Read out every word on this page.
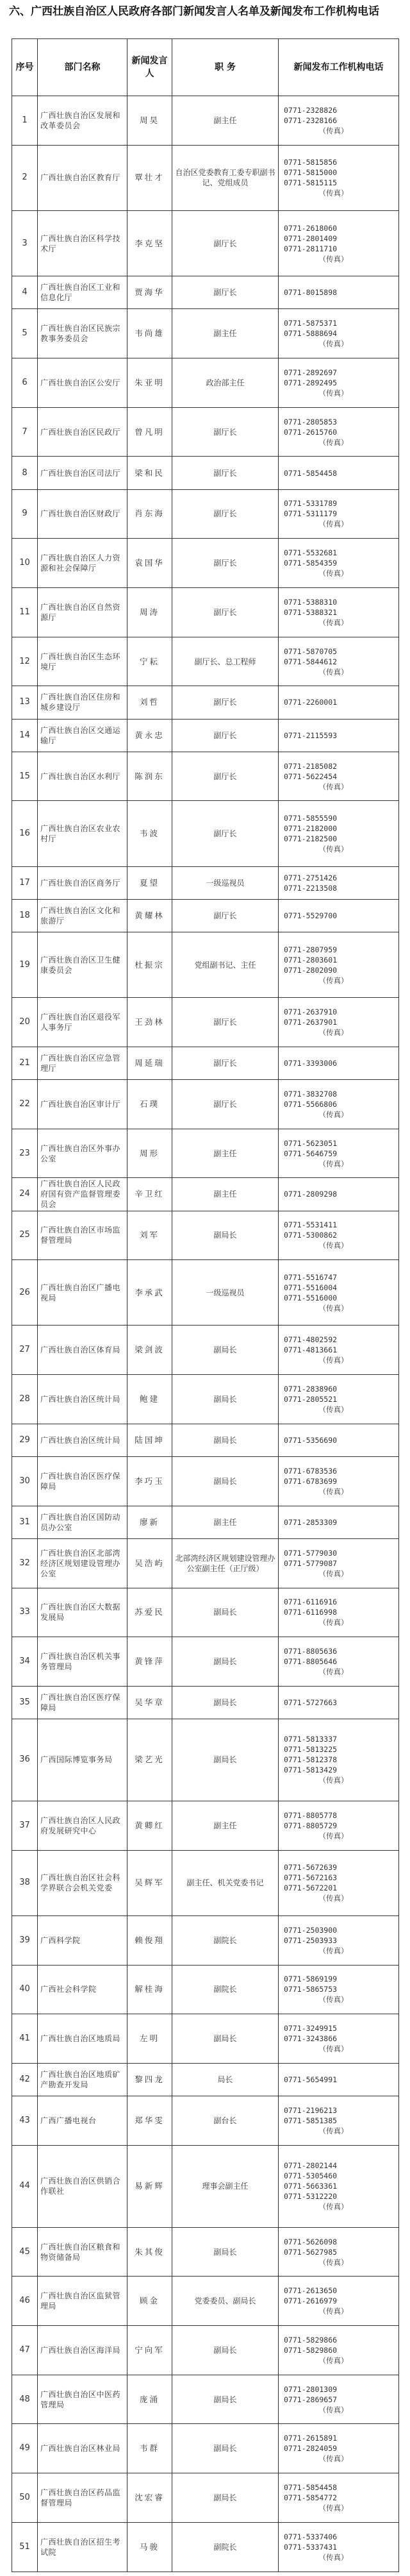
六、广西壮族自治区人民政府各部门新闻发言人名单及新闻发布工作机构电话
序号	部门名称	新闻发言人	职 务	新闻发布工作机构电话
1	广西壮族自治区发展和改革委员会	周昊	副主任	0771-2328826
0771-2328166
（传真）

2	广西壮族自治区教育厅	覃壮才	自治区党委教育工委专职副书记、党组成员	0771-5815856
0771-5815000
0771-5815115
（传真）

3	广西壮族自治区科学技术厅	李克坚	副厅长	0771-2618060
0771-2801409
0771-2811710
（传真）

4	广西壮族自治区工业和信息化厅	贾海华	副厅长	0771-8015898

5	广西壮族自治区民族宗教事务委员会	韦尚雄	副主任	0771-5875371
0771-5888694
（传真）

6	广西壮族自治区公安厅	朱亚明	政治部主任	0771-2892697
0771-2892495
（传真）

7	广西壮族自治区民政厅	曾凡明	副厅长	0771-2805853
0771-2615760
（传真）

8	广西壮族自治区司法厅	梁和民	副厅长	0771-5854458

9	广西壮族自治区财政厅	肖东海	副厅长	0771-5331789
0771-5311179
（传真）

10	广西壮族自治区人力资源和社会保障厅	袁国华	副厅长	0771-5532681
0771-5854359
（传真）

11	广西壮族自治区自然资源厅	周涛	副厅长	0771-5388310
0771-5388321
（传真）

12	广西壮族自治区生态环境厅	宁耘	副厅长、总工程师	0771-5870705
0771-5844612
（传真）

13	广西壮族自治区住房和城乡建设厅	刘哲	副厅长	0771-2260001

14	广西壮族自治区交通运输厅	黄永忠	副厅长	0771-2115593

15	广西壮族自治区水利厅	陈润东	副厅长	0771-2185082
0771-5622454
（传真）

16	广西壮族自治区农业农村厅	韦波	副厅长	0771-5855590
0771-2182000
0771-2182500
（传真）

17	广西壮族自治区商务厅	夏望	一级巡视员	0771-2751426
0771-2213508

18	广西壮族自治区文化和旅游厅	黄耀林	副厅长	0771-5529700

19	广西壮族自治区卫生健康委员会	杜振宗	党组副书记、主任	0771-2807959
0771-2803601
0771-2802090
（传真）

20	广西壮族自治区退役军人事务厅	王劲林	副厅长	0771-2637910
0771-2637901
（传真）

21	广西壮族自治区应急管理厅	周延瑞	副厅长	0771-3393006

22	广西壮族自治区审计厅	石璞	副厅长	0771-3832708
0771-5566806
（传真）

23	广西壮族自治区外事办公室	周形	副主任	0771-5623051
0771-5646759
（传真）

24	广西壮族自治区人民政府国有资产监督管理委员会	辛卫红	副主任	0771-2809298

25	广西壮族自治区市场监督管理局	刘军	副局长	0771-5531411
0771-5300862
（传真）

26	广西壮族自治区广播电视局	李承武	一级巡视员	0771-5516747
0771-5516004
0771-5516000
（传真）

27	广西壮族自治区体育局	梁剑波	副局长	0771-4802592
0771-4813661
（传真）

28	广西壮族自治区统计局	鲍建	副局长	0771-2838960
0771-2805521
（传真）

29	广西壮族自治区统计局	陆国坤	副局长	0771-5356690

30	广西壮族自治区医疗保障局	李巧玉	副局长	0771-6783536
0771-6783699
（传真）

31	广西壮族自治区国防动员办公室	廖新	副主任	0771-2853309

32	广西壮族自治区北部湾经济区规划建设管理办公室	吴浩屿	北部湾经济区规划建设管理办公室副主任（正厅级）	0771-5779030
0771-5779087
（传真）

33	广西壮族自治区大数据发展局	苏爱民	副局长	0771-6116916
0771-6116998
（传真）

34	广西壮族自治区机关事务管理局	黄锋萍	副局长	0771-8805636
0771-8805646
（传真）

35	广西壮族自治区医疗保障局	吴华章	副局长	0771-5727663

36	广西国际博览事务局	梁艺光	副局长	0771-5813337
0771-5813225
0771-5812378
0771-5813429
（传真）

37	广西壮族自治区人民政府发展研究中心	黄卿红	副主任	0771-8805778
0771-8805729
（传真）

38	广西壮族自治区社会科学界联合会机关党委	吴辉军	副主任、机关党委书记	0771-5672639
0771-5672163
0771-5672201
（传真）

39	广西科学院	赖俊翔	副院长	0771-2503900
0771-2503933
（传真）

40	广西社会科学院	解桂海	副院长	0771-5869199
0771-5865753
（传真）

41	广西壮族自治区地质局	左明	副局长	0771-3249915
0771-3243866
（传真）

42	广西壮族自治区地质矿产勘查开发局	黎四龙	局长	0771-5654991

43	广西广播电视台	郑华雯	副台长	0771-2196213
0771-5851385
（传真）

44	广西壮族自治区供销合作联社	易新辉	理事会副主任	0771-2802144
0771-5305460
0771-5663361
0771-5312220
（传真）

45	广西壮族自治区粮食和物资储备局	朱其俊	副局长	0771-5626098
0771-5627985
（传真）

46	广西壮族自治区监狱管理局	顾金	党委委员、副局长	0771-2613650
0771-2616979
（传真）

47	广西壮族自治区海洋局	宁向军	副局长	0771-5829866
0771-5829860
（传真）

48	广西壮族自治区中医药管理局	庞涌	副局长	0771-2801309
0771-2869657
（传真）

49	广西壮族自治区林业局	韦群	副局长	0771-2615891
0771-2824059
（传真）

50	广西壮族自治区药品监督管理局	沈宏睿	副局长	0771-5854458
0771-5854772
（传真）

51	广西壮族自治区招生考试院	马骏	副院长	0771-5337406
0771-5337431
（传真）
